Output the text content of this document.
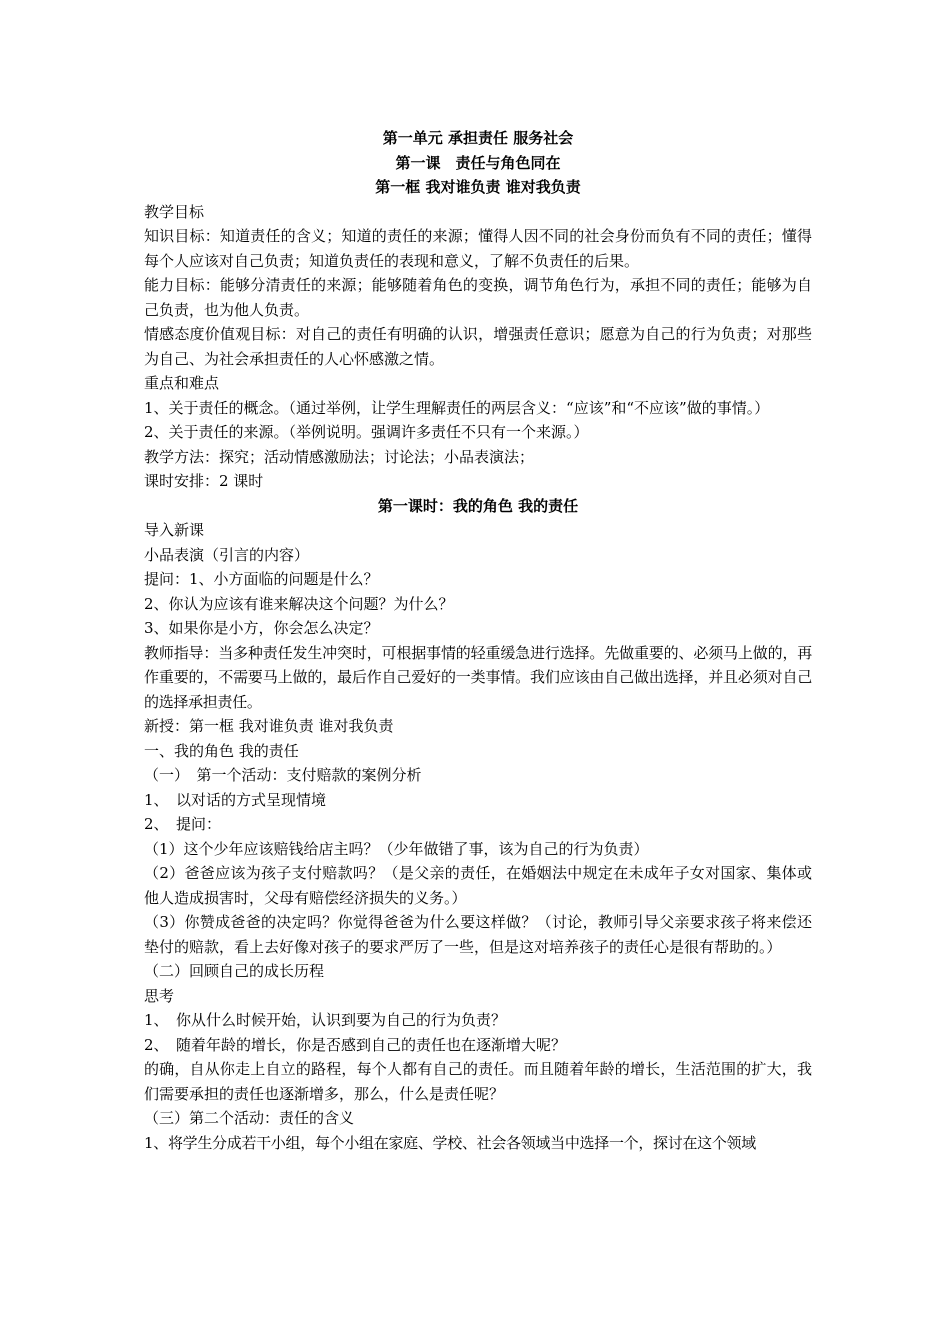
第一单元 承担责任 服务社会

第一课　责任与角色同在

第一框 我对谁负责 谁对我负责

教学目标

知识目标：知道责任的含义；知道的责任的来源；懂得人因不同的社会身份而负有不同的责任；懂得每个人应该对自己负责；知道负责任的表现和意义，了解不负责任的后果。

能力目标：能够分清责任的来源；能够随着角色的变换，调节角色行为，承担不同的责任；能够为自己负责，也为他人负责。

情感态度价值观目标：对自己的责任有明确的认识，增强责任意识；愿意为自己的行为负责；对那些为自己、为社会承担责任的人心怀感激之情。

重点和难点

1、关于责任的概念。（通过举例，让学生理解责任的两层含义：“应该”和“不应该”做的事情。）

2、关于责任的来源。（举例说明。强调许多责任不只有一个来源。）

教学方法：探究；活动情感激励法；讨论法；小品表演法；

课时安排：2 课时

第一课时：我的角色 我的责任

导入新课

小品表演（引言的内容）

提问：1、小方面临的问题是什么？

2、你认为应该有谁来解决这个问题？为什么？

3、如果你是小方，你会怎么决定？

教师指导：当多种责任发生冲突时，可根据事情的轻重缓急进行选择。先做重要的、必须马上做的，再作重要的，不需要马上做的，最后作自己爱好的一类事情。我们应该由自己做出选择，并且必须对自己的选择承担责任。

新授：第一框 我对谁负责 谁对我负责

一、我的角色 我的责任

（一）　第一个活动：支付赔款的案例分析

1、　以对话的方式呈现情境

2、　提问：

（1）这个少年应该赔钱给店主吗？（少年做错了事，该为自己的行为负责）

（2）爸爸应该为孩子支付赔款吗？（是父亲的责任，在婚姻法中规定在未成年子女对国家、集体或他人造成损害时，父母有赔偿经济损失的义务。）

（3）你赞成爸爸的决定吗？你觉得爸爸为什么要这样做？（讨论，教师引导父亲要求孩子将来偿还垫付的赔款，看上去好像对孩子的要求严厉了一些，但是这对培养孩子的责任心是很有帮助的。）

（二）回顾自己的成长历程

思考

1、　你从什么时候开始，认识到要为自己的行为负责？

2、　随着年龄的增长，你是否感到自己的责任也在逐渐增大呢？

的确，自从你走上自立的路程，每个人都有自己的责任。而且随着年龄的增长，生活范围的扩大，我们需要承担的责任也逐渐增多，那么，什么是责任呢？

（三）第二个活动：责任的含义

1、将学生分成若干小组，每个小组在家庭、学校、社会各领域当中选择一个，探讨在这个领域
